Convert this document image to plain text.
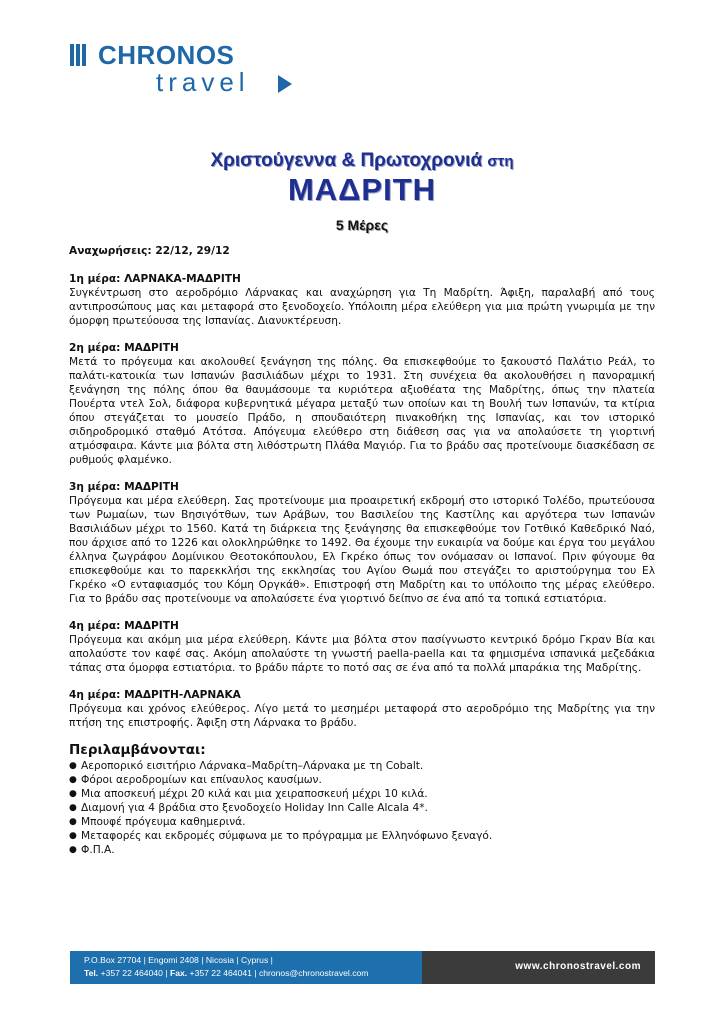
CHRONOS
travel
Χριστούγεννα & Πρωτοχρονιά στη
ΜΑΔΡΙΤΗ
5 Μέρες
Αναχωρήσεις: 22/12, 29/12
1η μέρα: ΛΑΡΝΑΚΑ-ΜΑΔΡΙΤΗ
Συγκέντρωση στο αεροδρόμιο Λάρνακας και αναχώρηση για Τη Μαδρίτη. Άφιξη, παραλαβή από τους αντιπροσώπους μας και μεταφορά στο ξενοδοχείο. Υπόλοιπη μέρα ελεύθερη για μια πρώτη γνωριμία με την όμορφη πρωτεύουσα της Ισπανίας. Διανυκτέρευση.
2η μέρα: ΜΑΔΡΙΤΗ
Μετά το πρόγευμα και ακολουθεί ξενάγηση της πόλης. Θα επισκεφθούμε το ξακουστό Παλάτιο Ρεάλ, το παλάτι-κατοικία των Ισπανών βασιλιάδων μέχρι το 1931. Στη συνέχεια θα ακολουθήσει η πανοραμική ξενάγηση της πόλης όπου θα θαυμάσουμε τα κυριότερα αξιοθέατα της Μαδρίτης, όπως την πλατεία Πουέρτα ντελ Σολ, διάφορα κυβερνητικά μέγαρα μεταξύ των οποίων και τη Βουλή των Ισπανών, τα κτίρια όπου στεγάζεται το μουσείο Πράδο, η σπουδαιότερη πινακοθήκη της Ισπανίας, και τον ιστορικό σιδηροδρομικό σταθμό Ατότσα. Απόγευμα ελεύθερο στη διάθεση σας για να απολαύσετε τη γιορτινή ατμόσφαιρα. Κάντε μια βόλτα στη λιθόστρωτη Πλάθα Μαγιόρ. Για το βράδυ σας προτείνουμε διασκέδαση σε ρυθμούς φλαμένκο.
3η μέρα: ΜΑΔΡΙΤΗ
Πρόγευμα και μέρα ελεύθερη. Σας προτείνουμε μια προαιρετική εκδρομή στο ιστορικό Τολέδο, πρωτεύουσα των Ρωμαίων, των Βησιγότθων, των Αράβων, του Βασιλείου της Καστίλης και αργότερα των Ισπανών Βασιλιάδων μέχρι το 1560. Κατά τη διάρκεια της ξενάγησης θα επισκεφθούμε τον Γοτθικό Καθεδρικό Ναό, που άρχισε από το 1226 και ολοκληρώθηκε το 1492. Θα έχουμε την ευκαιρία να δούμε και έργα του μεγάλου έλληνα ζωγράφου Δομίνικου Θεοτοκόπουλου, Ελ Γκρέκο όπως τον ονόμασαν οι Ισπανοί. Πριν φύγουμε θα επισκεφθούμε και το παρεκκλήσι της εκκλησίας του Αγίου Θωμά που στεγάζει το αριστούργημα του Ελ Γκρέκο «Ο ενταφιασμός του Κόμη Οργκάθ». Επιστροφή στη Μαδρίτη και το υπόλοιπο της μέρας ελεύθερο. Για το βράδυ σας προτείνουμε να απολαύσετε ένα γιορτινό δείπνο σε ένα από τα τοπικά εστιατόρια.
4η μέρα: ΜΑΔΡΙΤΗ
Πρόγευμα και ακόμη μια μέρα ελεύθερη. Κάντε μια βόλτα στον πασίγνωστο κεντρικό δρόμο Γκραν Βία και απολαύστε τον καφέ σας. Ακόμη απολαύστε τη γνωστή paella-paella και τα φημισμένα ισπανικά μεζεδάκια τάπας στα όμορφα εστιατόρια. το βράδυ πάρτε το ποτό σας σε ένα από τα πολλά μπαράκια της Μαδρίτης.
4η μέρα: ΜΑΔΡΙΤΗ-ΛΑΡΝΑΚΑ
Πρόγευμα και χρόνος ελεύθερος. Λίγο μετά το μεσημέρι μεταφορά στο αεροδρόμιο της Μαδρίτης για την πτήση της επιστροφής. Άφιξη στη Λάρνακα το βράδυ.
Περιλαμβάνονται:
● Αεροπορικό εισιτήριο Λάρνακα–Μαδρίτη–Λάρνακα με τη Cobalt.
● Φόροι αεροδρομίων και επίναυλος καυσίμων.
● Μια αποσκευή μέχρι 20 κιλά και μια χειραποσκευή μέχρι 10 κιλά.
● Διαμονή για 4 βράδια στο ξενοδοχείο Holiday Inn Calle Alcala 4*.
● Μπουφέ πρόγευμα καθημερινά.
● Μεταφορές και εκδρομές σύμφωνα με το πρόγραμμα με Ελληνόφωνο ξεναγό.
● Φ.Π.Α.
P.O.Box 27704 | Engomi 2408 | Nicosia | Cyprus |
Tel. +357 22 464040 | Fax. +357 22 464041 | chronos@chronostravel.com
www.chronostravel.com
